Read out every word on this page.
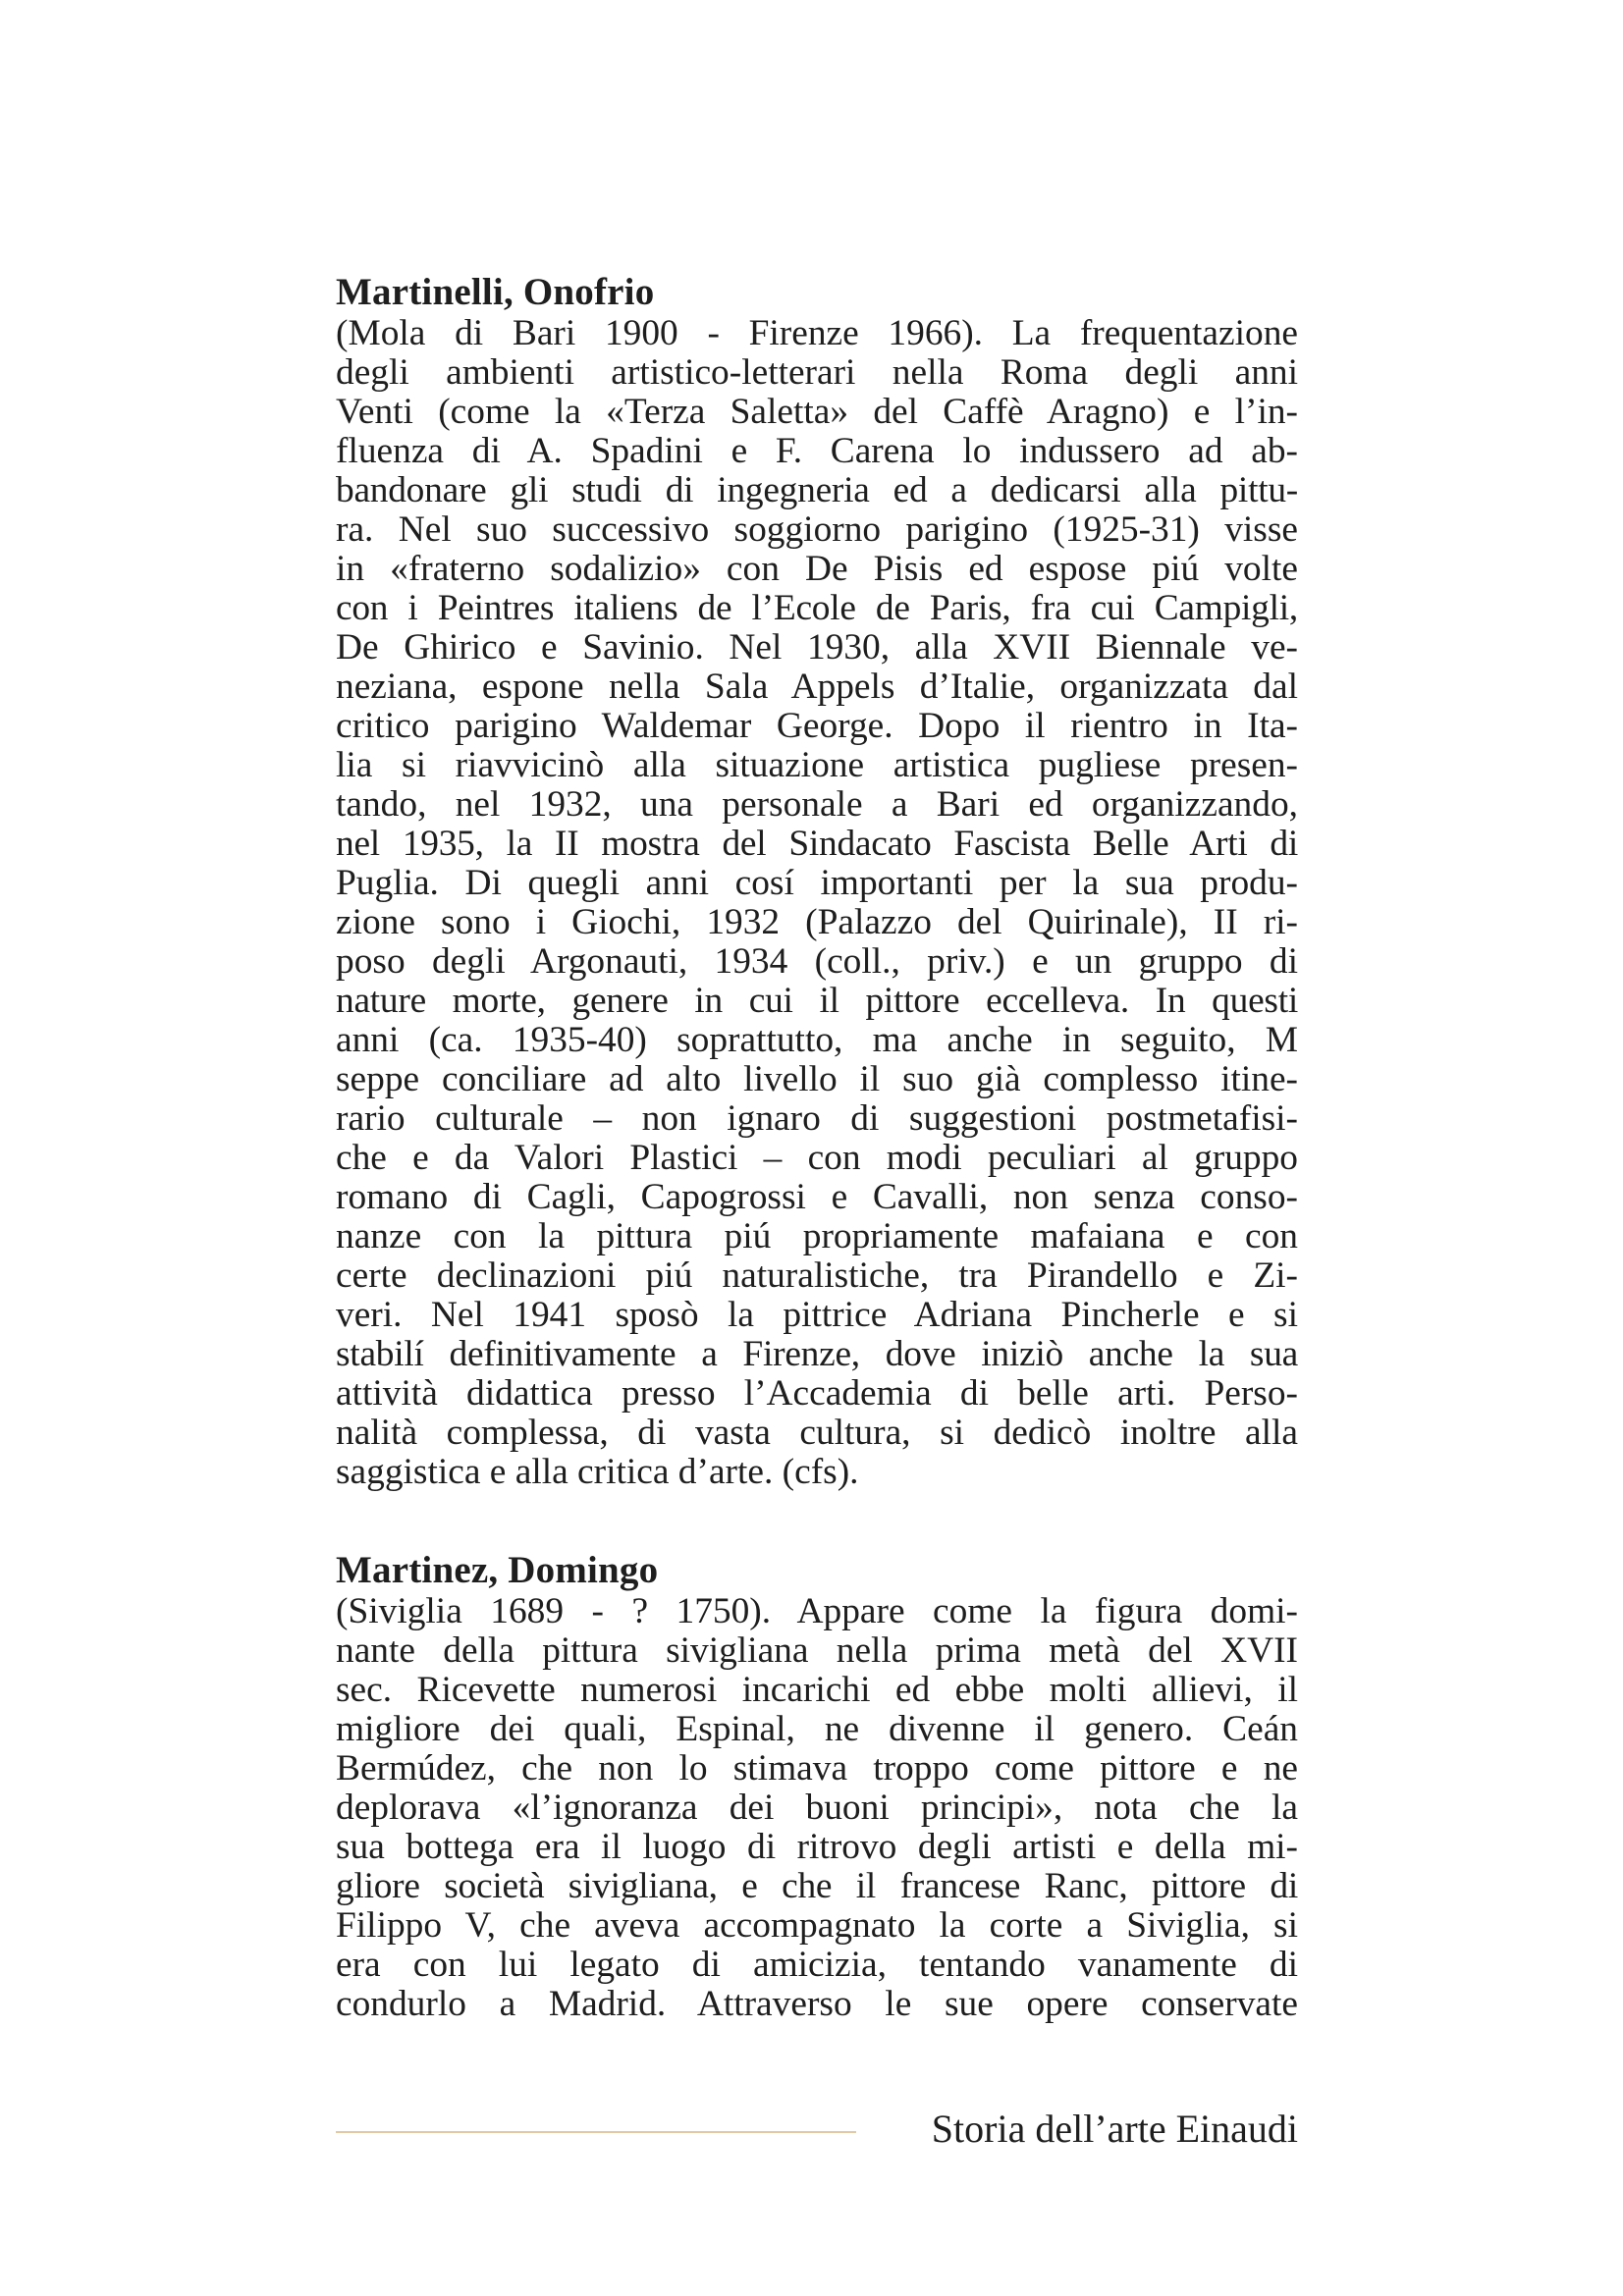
Martinelli, Onofrio

(Mola di Bari 1900 - Firenze 1966). La frequentazione
degli ambienti artistico-letterari nella Roma degli anni
Venti (come la «Terza Saletta» del Caffè Aragno) e l’in-
fluenza di A. Spadini e F. Carena lo indussero ad ab-
bandonare gli studi di ingegneria ed a dedicarsi alla pittu-
ra. Nel suo successivo soggiorno parigino (1925-31) visse
in «fraterno sodalizio» con De Pisis ed espose piú volte
con i Peintres italiens de l’Ecole de Paris, fra cui Campigli,
De Ghirico e Savinio. Nel 1930, alla XVII Biennale ve-
neziana, espone nella Sala Appels d’Italie, organizzata dal
critico parigino Waldemar George. Dopo il rientro in Ita-
lia si riavvicinò alla situazione artistica pugliese presen-
tando, nel 1932, una personale a Bari ed organizzando,
nel 1935, la II mostra del Sindacato Fascista Belle Arti di
Puglia. Di quegli anni cosí importanti per la sua produ-
zione sono i Giochi, 1932 (Palazzo del Quirinale), II ri-
poso degli Argonauti, 1934 (coll., priv.) e un gruppo di
nature morte, genere in cui il pittore eccelleva. In questi
anni (ca. 1935-40) soprattutto, ma anche in seguito, M
seppe conciliare ad alto livello il suo già complesso itine-
rario culturale – non ignaro di suggestioni postmetafisi-
che e da Valori Plastici – con modi peculiari al gruppo
romano di Cagli, Capogrossi e Cavalli, non senza conso-
nanze con la pittura piú propriamente mafaiana e con
certe declinazioni piú naturalistiche, tra Pirandello e Zi-
veri. Nel 1941 sposò la pittrice Adriana Pincherle e si
stabilí definitivamente a Firenze, dove iniziò anche la sua
attività didattica presso l’Accademia di belle arti. Perso-
nalità complessa, di vasta cultura, si dedicò inoltre alla
saggistica e alla critica d’arte. (cfs).

Martinez, Domingo

(Siviglia 1689 - ? 1750). Appare come la figura domi-
nante della pittura sivigliana nella prima metà del XVII
sec. Ricevette numerosi incarichi ed ebbe molti allievi, il
migliore dei quali, Espinal, ne divenne il genero. Ceán
Bermúdez, che non lo stimava troppo come pittore e ne
deplorava «l’ignoranza dei buoni principi», nota che la
sua bottega era il luogo di ritrovo degli artisti e della mi-
gliore società sivigliana, e che il francese Ranc, pittore di
Filippo V, che aveva accompagnato la corte a Siviglia, si
era con lui legato di amicizia, tentando vanamente di
condurlo a Madrid. Attraverso le sue opere conservate

Storia dell’arte Einaudi
